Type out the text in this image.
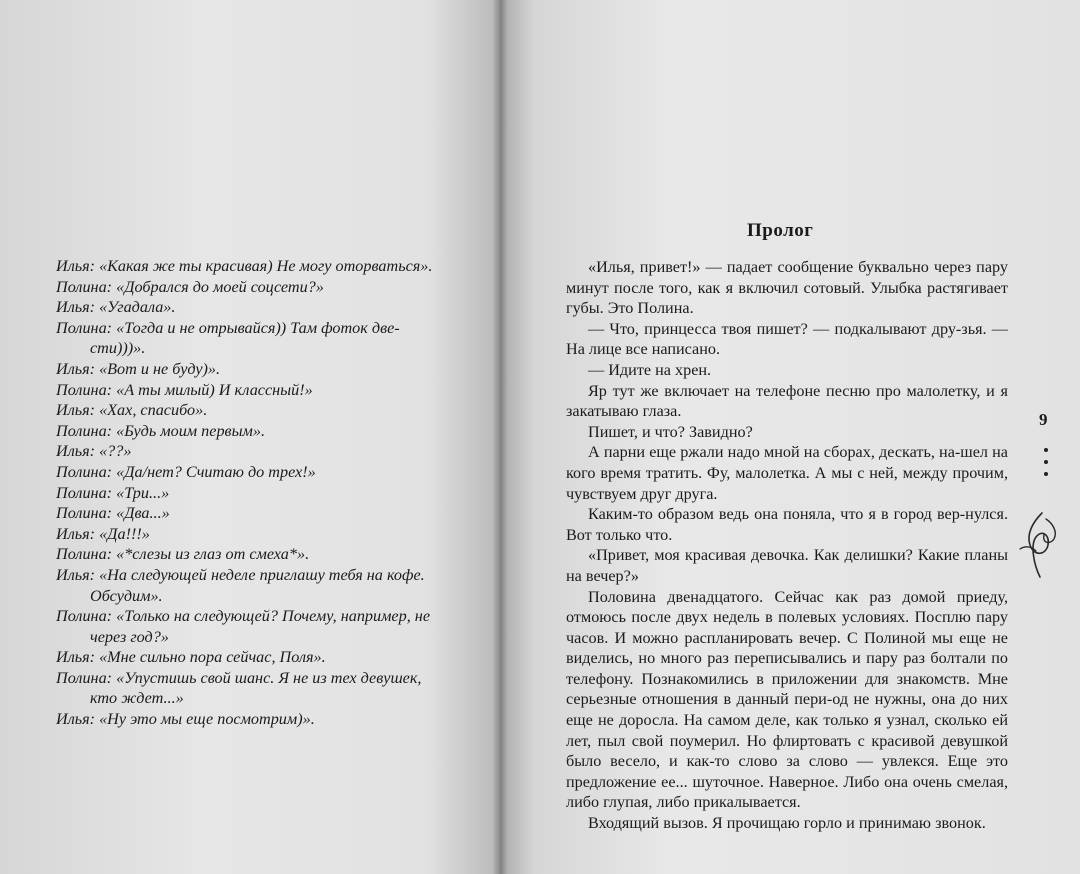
Илья: «Какая же ты красивая) Не могу оторваться».

Полина: «Добрался до моей соцсети?»

Илья: «Угадала».

Полина: «Тогда и не отрывайся)) Там фоток две-

сти)))».

Илья: «Вот и не буду)».

Полина: «А ты милый) И классный!»

Илья: «Хах, спасибо».

Полина: «Будь моим первым».

Илья: «??»

Полина: «Да/нет? Считаю до трех!»

Полина: «Три...»

Полина: «Два...»

Илья: «Да!!!»

Полина: «*слезы из глаз от смеха*».

Илья: «На следующей неделе приглашу тебя на кофе.

Обсудим».

Полина: «Только на следующей? Почему, например, не

через год?»

Илья: «Мне сильно пора сейчас, Поля».

Полина: «Упустишь свой шанс. Я не из тех девушек,

кто ждет...»

Илья: «Ну это мы еще посмотрим)».

Пролог

«Илья, привет!» — падает сообщение буквально через пару минут после того, как я включил сотовый. Улыбка растягивает губы. Это Полина.

— Что, принцесса твоя пишет? — подкалывают дру-зья. — На лице все написано.

— Идите на хрен.

Яр тут же включает на телефоне песню про малолетку, и я закатываю глаза.

Пишет, и что? Завидно?

А парни еще ржали надо мной на сборах, дескать, на-шел на кого время тратить. Фу, малолетка. А мы с ней, между прочим, чувствуем друг друга.

Каким-то образом ведь она поняла, что я в город вер-нулся. Вот только что.

«Привет, моя красивая девочка. Как делишки? Какие планы на вечер?»

Половина двенадцатого. Сейчас как раз домой приеду, отмоюсь после двух недель в полевых условиях. Посплю пару часов. И можно распланировать вечер. С Полиной мы еще не виделись, но много раз переписывались и пару раз болтали по телефону. Познакомились в приложении для знакомств. Мне серьезные отношения в данный пери-од не нужны, она до них еще не доросла. На самом деле, как только я узнал, сколько ей лет, пыл свой поумерил. Но флиртовать с красивой девушкой было весело, и как-то слово за слово — увлекся. Еще это предложение ее... шуточное. Наверное. Либо она очень смелая, либо глупая, либо прикалывается.

Входящий вызов. Я прочищаю горло и принимаю звонок.

9
